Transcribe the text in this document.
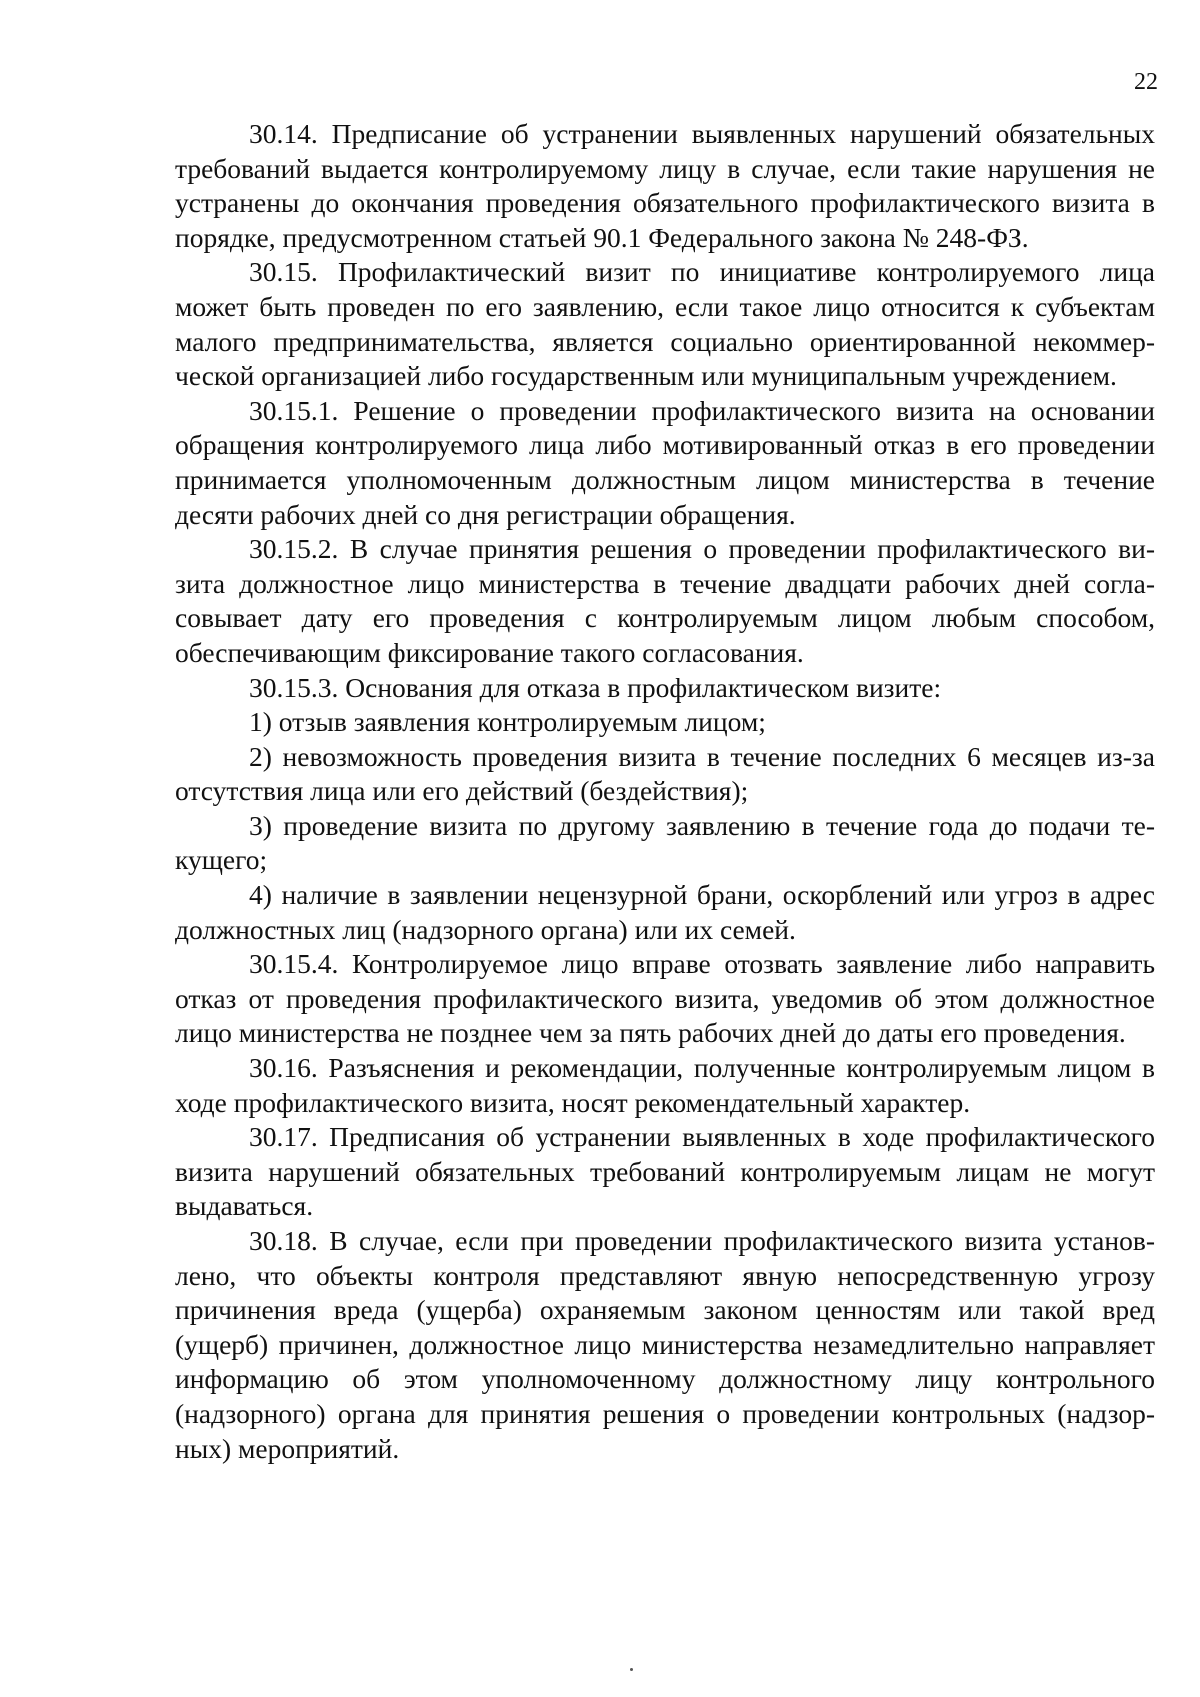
22

30.14. Предписание об устранении выявленных нарушений обязательных требований выдается контролируемому лицу в случае, если такие нарушения не устранены до окончания проведения обязательного профилактического визита в порядке, предусмотренном статьей 90.1 Федерального закона № 248-ФЗ.

30.15. Профилактический визит по инициативе контролируемого лица может быть проведен по его заявлению, если такое лицо относится к субъектам малого предпринимательства, является социально ориентированной некоммерческой организацией либо государственным или муниципальным учреждением.

30.15.1. Решение о проведении профилактического визита на основании обращения контролируемого лица либо мотивированный отказ в его проведении принимается уполномоченным должностным лицом министерства в течение десяти рабочих дней со дня регистрации обращения.

30.15.2. В случае принятия решения о проведении профилактического визита должностное лицо министерства в течение двадцати рабочих дней согласовывает дату его проведения с контролируемым лицом любым способом, обеспечивающим фиксирование такого согласования.

30.15.3. Основания для отказа в профилактическом визите:

1) отзыв заявления контролируемым лицом;

2) невозможность проведения визита в течение последних 6 месяцев из-за отсутствия лица или его действий (бездействия);

3) проведение визита по другому заявлению в течение года до подачи текущего;

4) наличие в заявлении нецензурной брани, оскорблений или угроз в адрес должностных лиц (надзорного органа) или их семей.

30.15.4. Контролируемое лицо вправе отозвать заявление либо направить отказ от проведения профилактического визита, уведомив об этом должностное лицо министерства не позднее чем за пять рабочих дней до даты его проведения.

30.16. Разъяснения и рекомендации, полученные контролируемым лицом в ходе профилактического визита, носят рекомендательный характер.

30.17. Предписания об устранении выявленных в ходе профилактического визита нарушений обязательных требований контролируемым лицам не могут выдаваться.

30.18. В случае, если при проведении профилактического визита установлено, что объекты контроля представляют явную непосредственную угрозу причинения вреда (ущерба) охраняемым законом ценностям или такой вред (ущерб) причинен, должностное лицо министерства незамедлительно направляет информацию об этом уполномоченному должностному лицу контрольного (надзорного) органа для принятия решения о проведении контрольных (надзорных) мероприятий.
